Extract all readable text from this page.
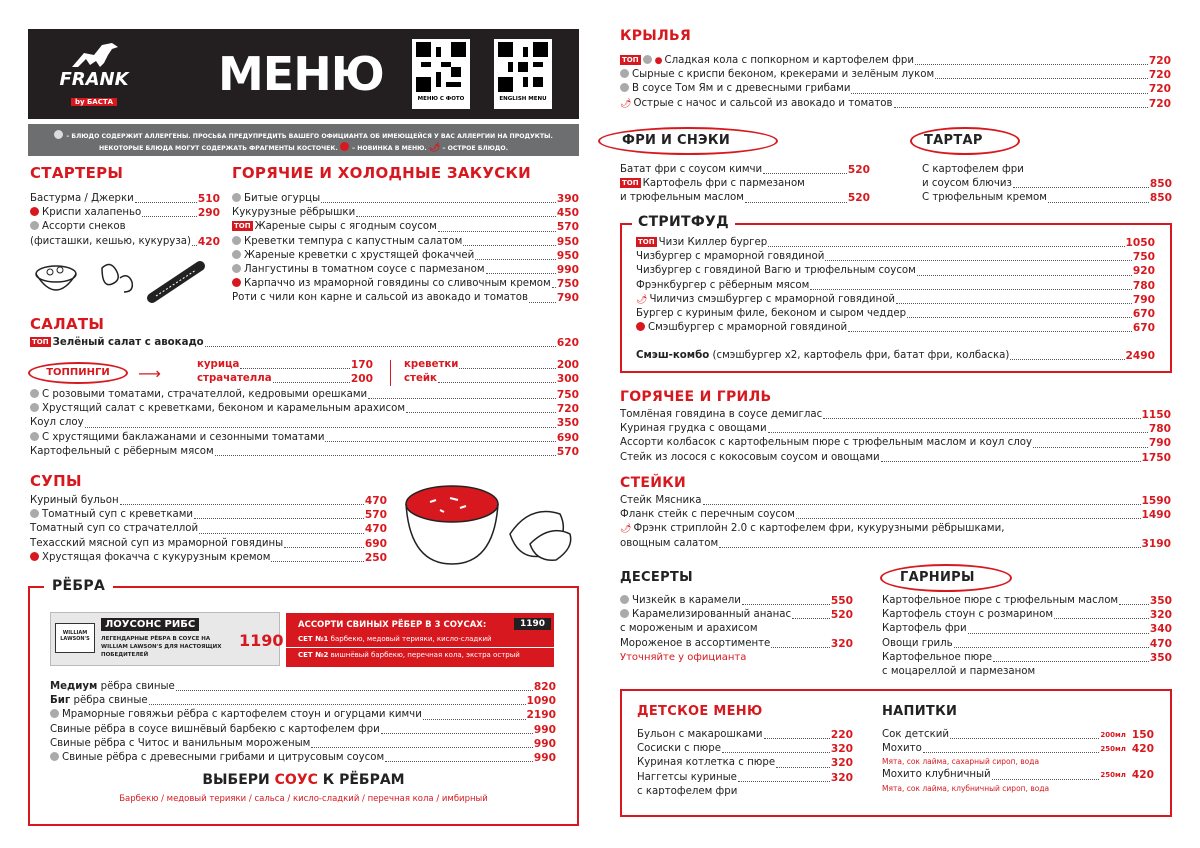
FRANK
by БАСТА
МЕНЮ	МЕНЮ С ФОТО	ENGLISH MENU
– БЛЮДО СОДЕРЖИТ АЛЛЕРГЕНЫ. ПРОСЬБА ПРЕДУПРЕДИТЬ ВАШЕГО ОФИЦИАНТА ОБ ИМЕЮЩЕЙСЯ У ВАС АЛЛЕРГИИ НА ПРОДУКТЫ.
НЕКОТОРЫЕ БЛЮДА МОГУТ СОДЕРЖАТЬ ФРАГМЕНТЫ КОСТОЧЕК. – НОВИНКА В МЕНЮ. 🌶 – ОСТРОЕ БЛЮДО.
СТАРТЕРЫ
Бастурма / Джерки	510
Криспи халапеньо	290
Ассорти снеков
(фисташки, кешью, кукуруза) 420
ГОРЯЧИЕ И ХОЛОДНЫЕ ЗАКУСКИ
Битые огурцы	390
Кукурузные рёбрышки	450
ТОП Жареные сыры с ягодным соусом	570
Креветки темпура с капустным салатом	950
Жареные креветки с хрустящей фокаччей	950
Лангустины в томатном соусе с пармезаном	990
Карпаччо из мраморной говядины со сливочным кремом 750
Роти с чили кон карне и сальсой из авокадо и томатов	790
САЛАТЫ
ТОП Зелёный салат с авокадо	620
ТОППИНГИ	⟶	курица	170
страчателла	200
креветки	200
стейк	300
С розовыми томатами, страчателлой, кедровыми орешками	750
Хрустящий салат с креветками, беконом и карамельным арахисом	720
Коул слоу	350
С хрустящими баклажанами и сезонными томатами	690
Картофельный с рёберным мясом	570
СУПЫ
Куриный бульон	470
Томатный суп с креветками	570
Томатный суп со страчателлой	470
Техасский мясной суп из мраморной говядины	690
Хрустящая фокачча с кукурузным кремом	250
РЁБРА
WILLIAM LAWSON'S
ЛОУСОНС РИБС
ЛЕГЕНДАРНЫЕ РЁБРА В СОУСЕ НА WILLIAM LAWSON'S ДЛЯ НАСТОЯЩИХ ПОБЕДИТЕЛЕЙ
1190
АССОРТИ СВИНЫХ РЁБЕР В 3 СОУСАХ:	1190
СЕТ №1 барбекю, медовый терияки, кисло-сладкий
СЕТ №2 вишнёвый барбекю, перечная кола, экстра острый
Медиум рёбра свиные	820
Биг рёбра свиные	1090
Мраморные говяжьи рёбра с картофелем стоун и огурцами кимчи	2190
Свиные рёбра в соусе вишнёвый барбекю с картофелем фри	990
Свиные рёбра с Читос и ванильным мороженым	990
Свиные рёбра с древесными грибами и цитрусовым соусом	990
ВЫБЕРИ СОУС К РЁБРАМ
Барбекю / медовый терияки / сальса / кисло-сладкий / перечная кола / имбирный
КРЫЛЬЯ
ТОП ● Сладкая кола с попкорном и картофелем фри	720
Сырные с криспи беконом, крекерами и зелёным луком	720
В соусе Том Ям и с древесными грибами	720
🌶 Острые с начос и сальсой из авокадо и томатов	720
ФРИ И СНЭКИ
Батат фри с соусом кимчи	520
ТОП Картофель фри с пармезаном
и трюфельным маслом	520
ТАРТАР
С картофелем фри
и соусом блючиз	850
С трюфельным кремом	850
СТРИТФУД
ТОП Чизи Киллер бургер	1050
Чизбургер с мраморной говядиной	750
Чизбургер с говядиной Вагю и трюфельным соусом	920
Фрэнкбургер с рёберным мясом	780
🌶 Чиличиз смэшбургер с мраморной говядиной	790
Бургер с куриным филе, беконом и сыром чеддер	670
Смэшбургер с мраморной говядиной	670
Смэш-комбо (смэшбургер х2, картофель фри, батат фри, колбаска)	2490
ГОРЯЧЕЕ И ГРИЛЬ
Томлёная говядина в соусе демиглас	1150
Куриная грудка с овощами	780
Ассорти колбасок с картофельным пюре с трюфельным маслом и коул слоу	790
Стейк из лосося с кокосовым соусом и овощами	1750
СТЕЙКИ
Стейк Мясника	1590
Фланк стейк с перечным соусом	1490
🌶 Фрэнк стриплойн 2.0 с картофелем фри, кукурузными рёбрышками,
овощным салатом	3190
ДЕСЕРТЫ
Чизкейк в карамели	550
Карамелизированный ананас	520
с мороженым и арахисом
Мороженое в ассортименте	320
Уточняйте у официанта
ГАРНИРЫ
Картофельное пюре с трюфельным маслом	350
Картофель стоун с розмарином	320
Картофель фри	340
Овощи гриль	470
Картофельное пюре	350
с моцареллой и пармезаном
ДЕТСКОЕ МЕНЮ
Бульон с макарошками	220
Сосиски с пюре	320
Куриная котлетка с пюре	320
Наггетсы куриные	320
с картофелем фри
НАПИТКИ
Сок детский	200мл 150
Мохито	250мл 420
Мята, сок лайма, сахарный сироп, вода
Мохито клубничный	250мл 420
Мята, сок лайма, клубничный сироп, вода
